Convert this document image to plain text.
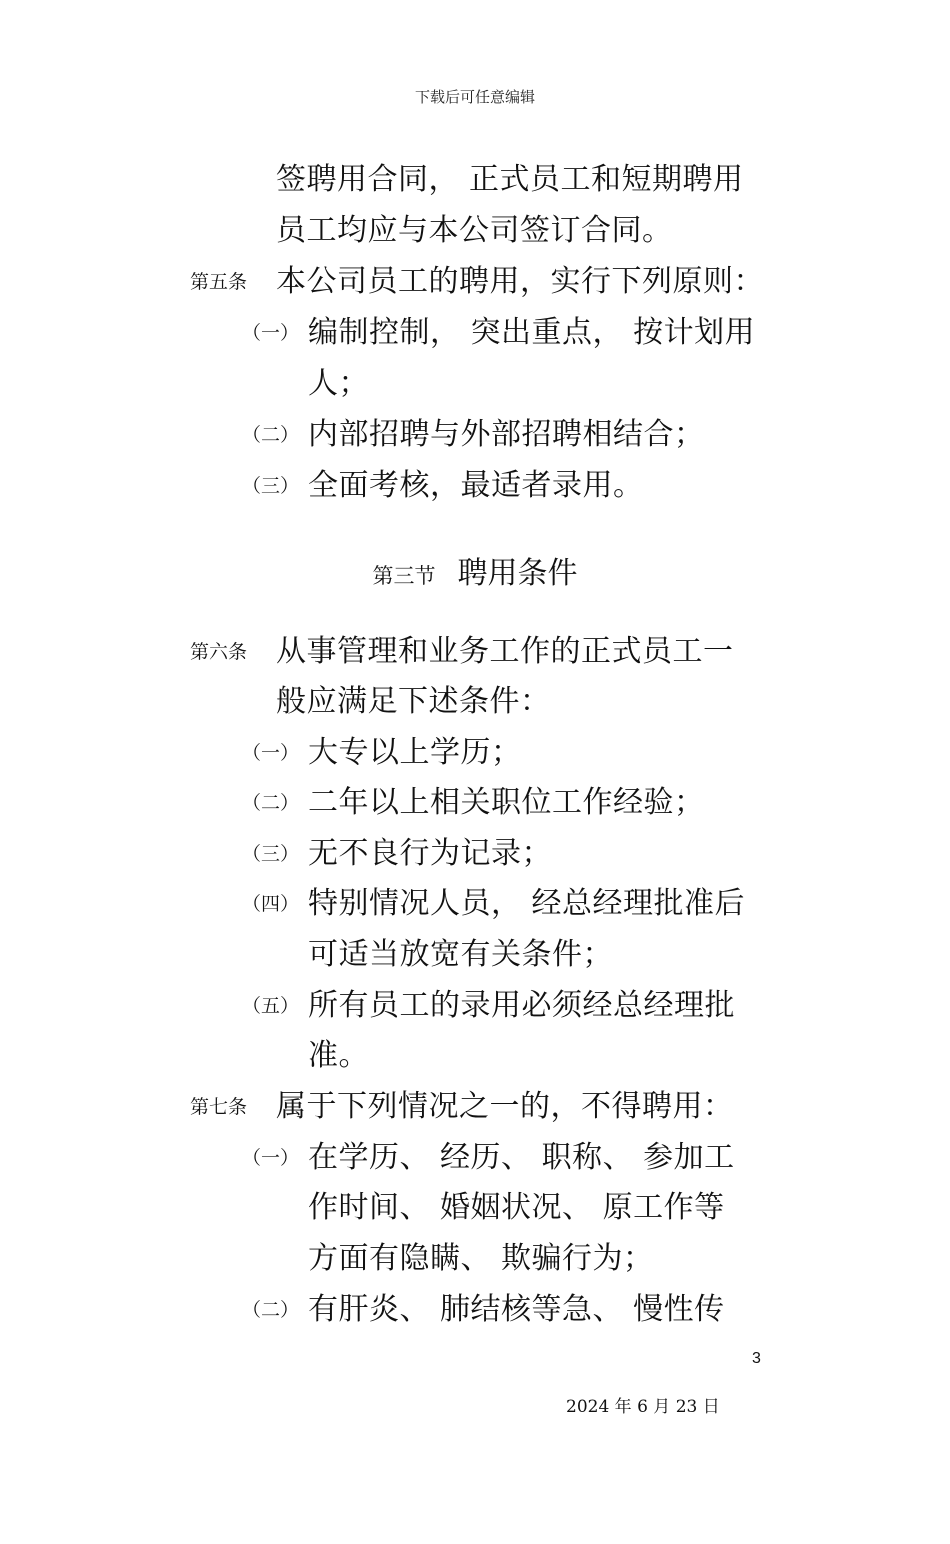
下载后可任意编辑
签聘用合同， 正式员工和短期聘用
员工均应与本公司签订合同。
第五条 本公司员工的聘用，实行下列原则：
（一） 编制控制， 突出重点， 按计划用
人；
（二） 内部招聘与外部招聘相结合；
（三） 全面考核，最适者录用。
第三节 聘用条件
第六条 从事管理和业务工作的正式员工一
般应满足下述条件：
（一） 大专以上学历；
（二） 二年以上相关职位工作经验；
（三） 无不良行为记录；
（四） 特别情况人员， 经总经理批准后
可适当放宽有关条件；
（五） 所有员工的录用必须经总经理批
准。
第七条 属于下列情况之一的，不得聘用：
（一） 在学历、 经历、 职称、 参加工
作时间、 婚姻状况、 原工作等
方面有隐瞒、 欺骗行为；
（二） 有肝炎、 肺结核等急、 慢性传
3
2024 年 6 月 23 日
